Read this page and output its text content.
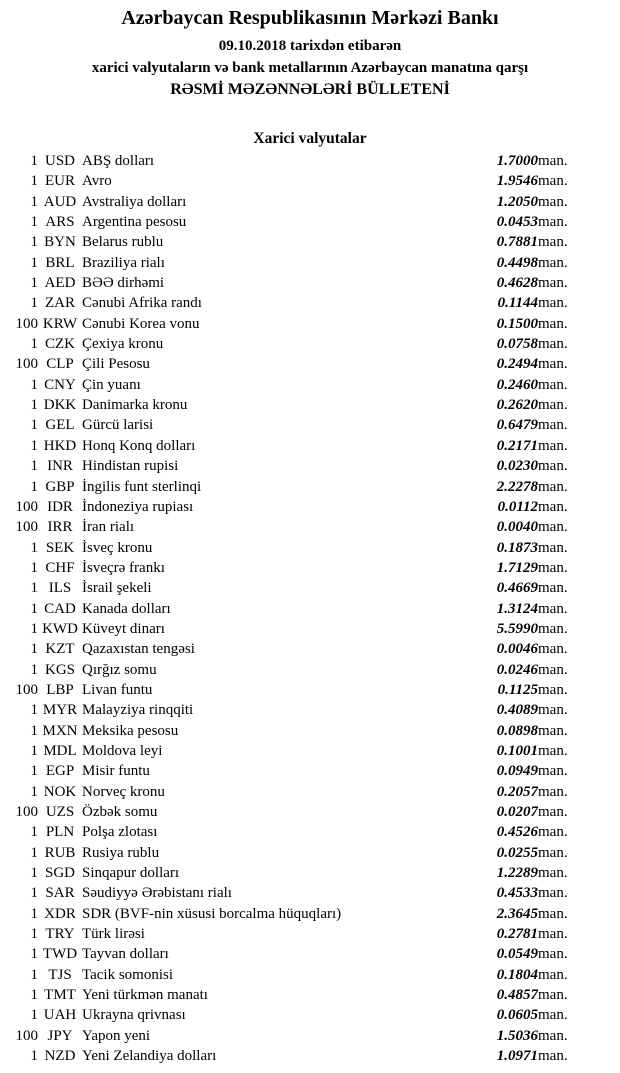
Azərbaycan Respublikasının Mərkəzi Bankı
09.10.2018 tarixdən etibarən
xarici valyutaların və bank metallarının Azərbaycan manatına qarşı
RƏSMİ MƏZƏNNƏLƏRİ BÜLLETENİ
Xarici valyutalar
1	USD	ABŞ dolları	1.7000	man.
1	EUR	Avro	1.9546	man.
1	AUD	Avstraliya dolları	1.2050	man.
1	ARS	Argentina pesosu	0.0453	man.
1	BYN	Belarus rublu	0.7881	man.
1	BRL	Braziliya rialı	0.4498	man.
1	AED	BƏƏ dirhəmi	0.4628	man.
1	ZAR	Cənubi Afrika randı	0.1144	man.
100	KRW	Cənubi Korea vonu	0.1500	man.
1	CZK	Çexiya kronu	0.0758	man.
100	CLP	Çili Pesosu	0.2494	man.
1	CNY	Çin yuanı	0.2460	man.
1	DKK	Danimarka kronu	0.2620	man.
1	GEL	Gürcü larisi	0.6479	man.
1	HKD	Honq Konq dolları	0.2171	man.
1	INR	Hindistan rupisi	0.0230	man.
1	GBP	İngilis funt sterlinqi	2.2278	man.
100	IDR	İndoneziya rupiası	0.0112	man.
100	IRR	İran rialı	0.0040	man.
1	SEK	İsveç kronu	0.1873	man.
1	CHF	İsveçrə frankı	1.7129	man.
1	ILS	İsrail şekeli	0.4669	man.
1	CAD	Kanada dolları	1.3124	man.
1	KWD	Küveyt dinarı	5.5990	man.
1	KZT	Qazaxıstan tengəsi	0.0046	man.
1	KGS	Qırğız somu	0.0246	man.
100	LBP	Livan funtu	0.1125	man.
1	MYR	Malayziya rinqqiti	0.4089	man.
1	MXN	Meksika pesosu	0.0898	man.
1	MDL	Moldova leyi	0.1001	man.
1	EGP	Misir funtu	0.0949	man.
1	NOK	Norveç kronu	0.2057	man.
100	UZS	Özbək somu	0.0207	man.
1	PLN	Polşa zlotası	0.4526	man.
1	RUB	Rusiya rublu	0.0255	man.
1	SGD	Sinqapur dolları	1.2289	man.
1	SAR	Səudiyyə Ərəbistanı rialı	0.4533	man.
1	XDR	SDR (BVF-nin xüsusi borcalma hüquqları)	2.3645	man.
1	TRY	Türk lirəsi	0.2781	man.
1	TWD	Tayvan dolları	0.0549	man.
1	TJS	Tacik somonisi	0.1804	man.
1	TMT	Yeni türkmən manatı	0.4857	man.
1	UAH	Ukrayna qrivnası	0.0605	man.
100	JPY	Yapon yeni	1.5036	man.
1	NZD	Yeni Zelandiya dolları	1.0971	man.
